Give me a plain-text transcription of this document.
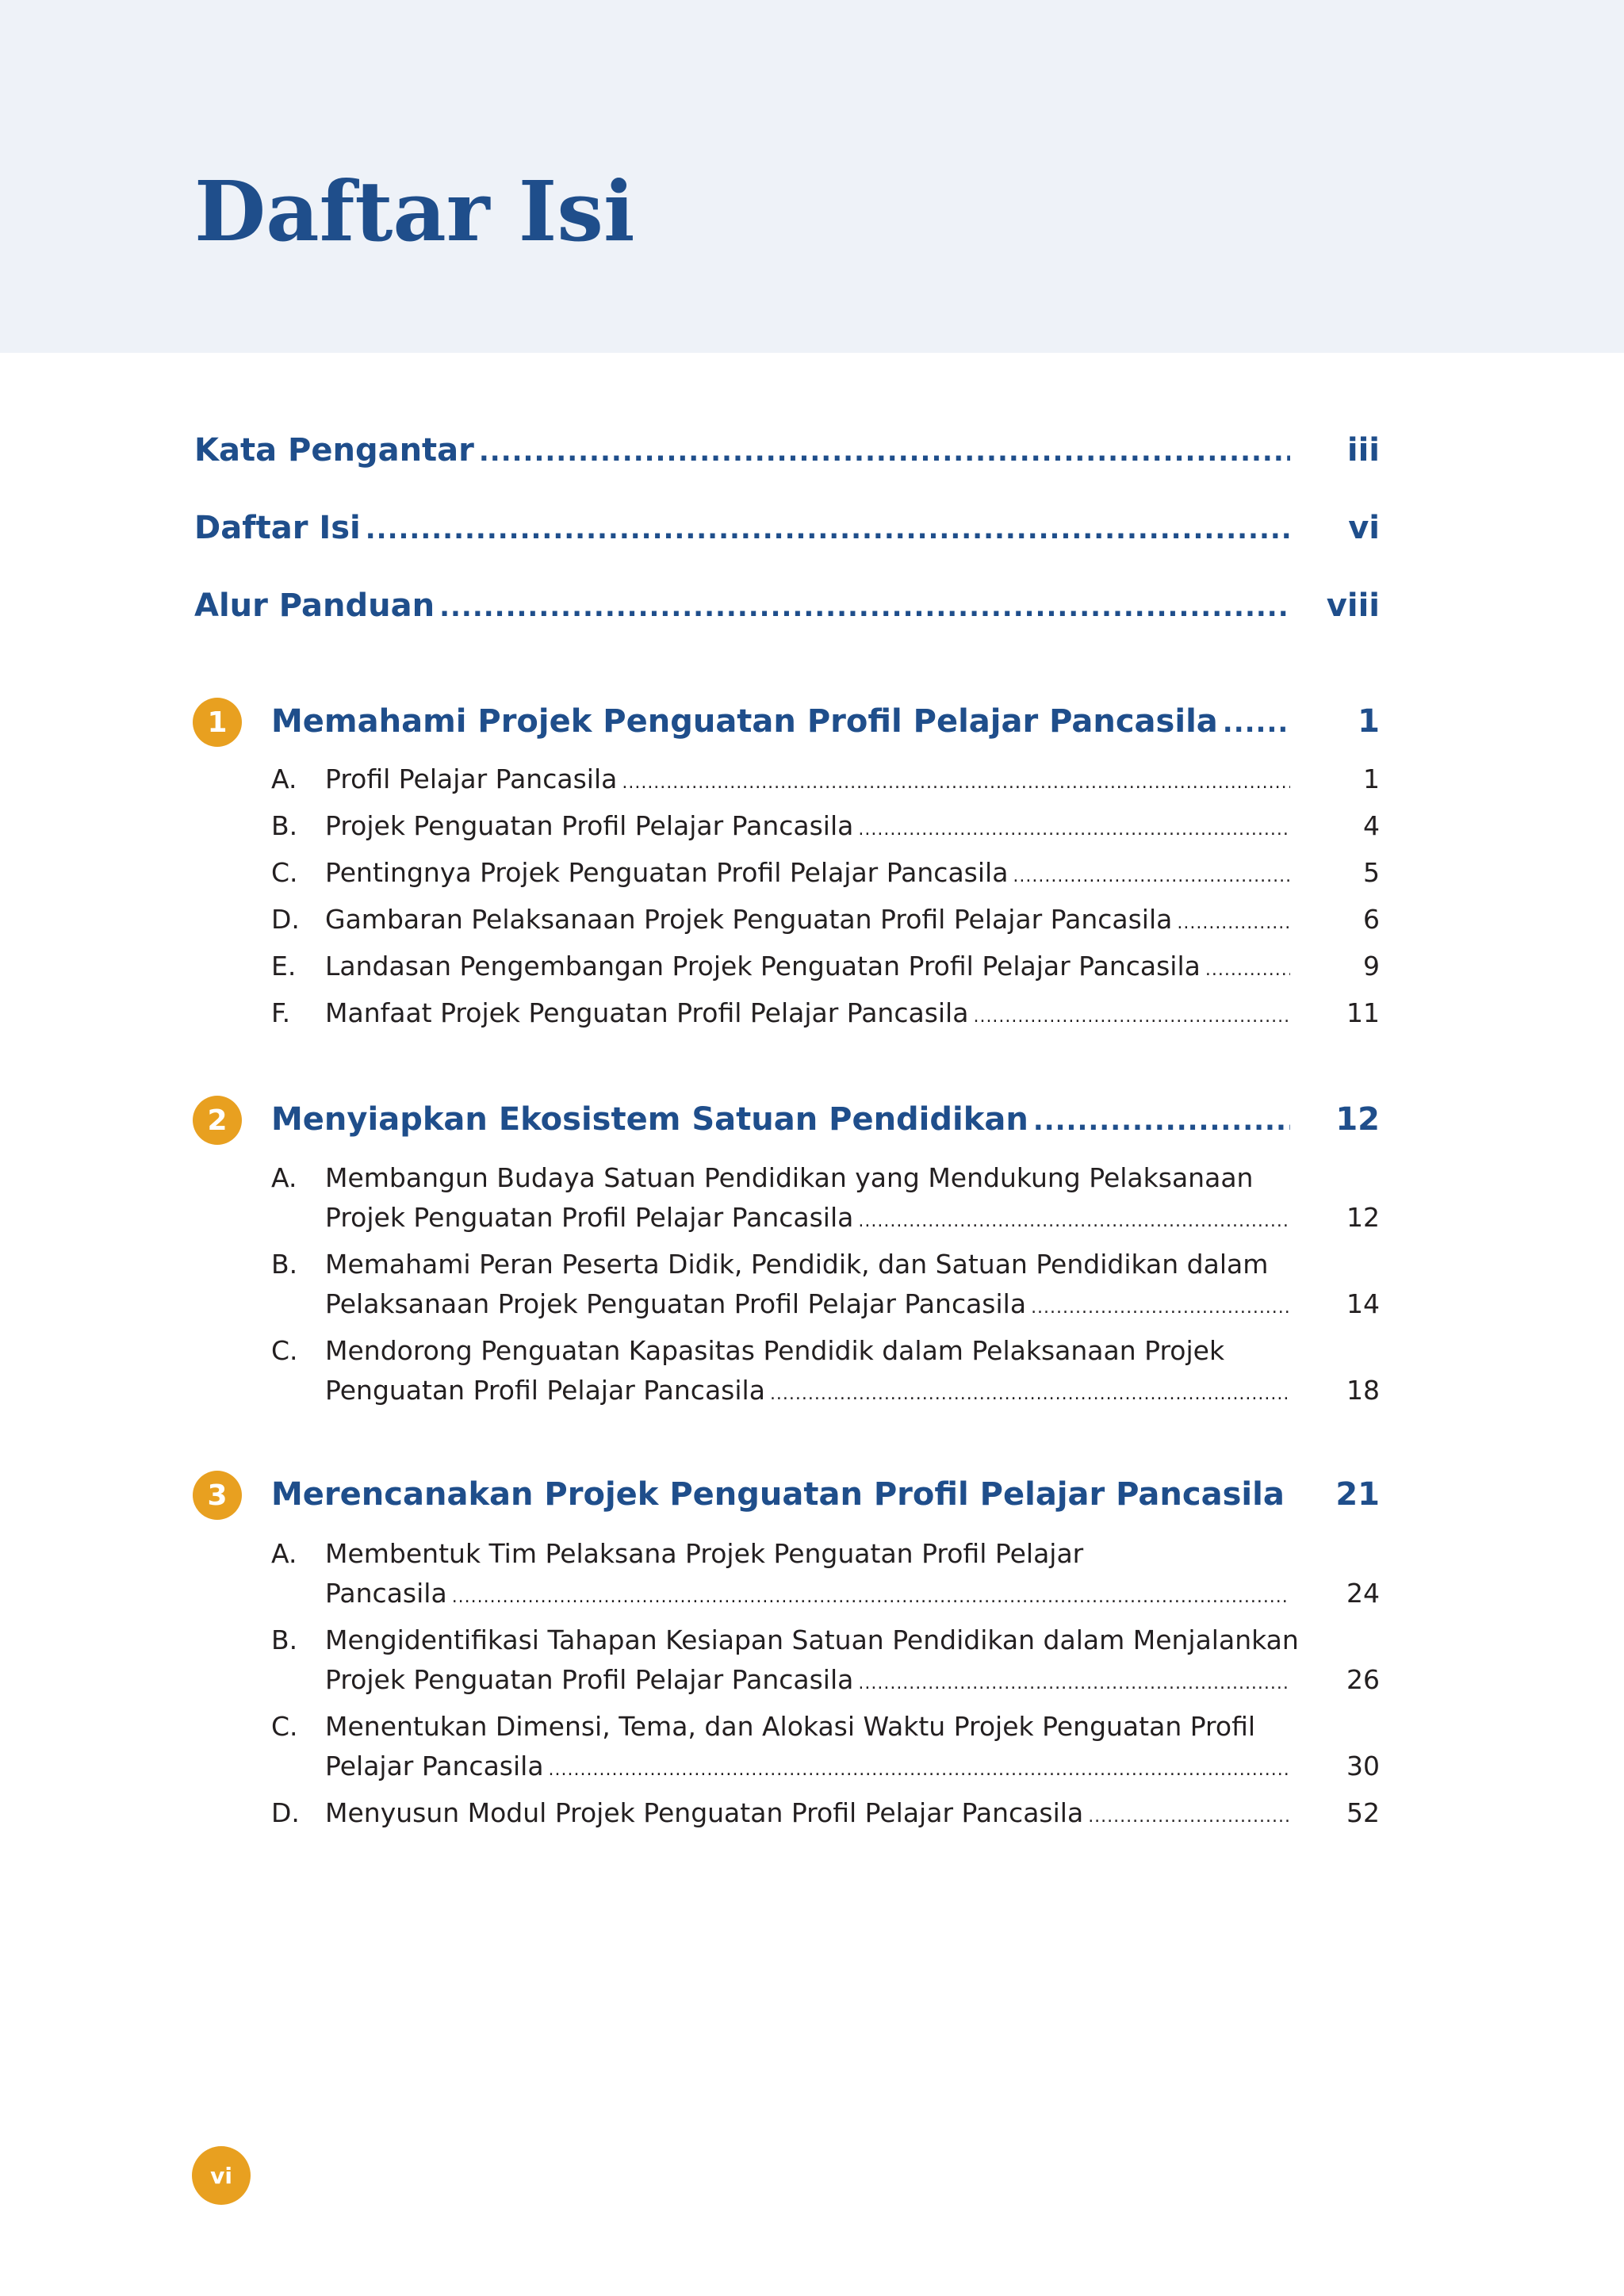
Daftar Isi
Kata Pengantar .....	iii
Daftar Isi .....	vi
Alur Panduan .....	viii
1	Memahami Projek Penguatan Profil Pelajar Pancasila .....	1
A. Profil Pelajar Pancasila .....	1
B. Projek Penguatan Profil Pelajar Pancasila .....	4
C. Pentingnya Projek Penguatan Profil Pelajar Pancasila .....	5
D. Gambaran Pelaksanaan Projek Penguatan Profil Pelajar Pancasila .....	6
E. Landasan Pengembangan Projek Penguatan Profil Pelajar Pancasila .....	9
F. Manfaat Projek Penguatan Profil Pelajar Pancasila .....	11
2	Menyiapkan Ekosistem Satuan Pendidikan .....	12
A. Membangun Budaya Satuan Pendidikan yang Mendukung Pelaksanaan
Projek Penguatan Profil Pelajar Pancasila .....	12
B. Memahami Peran Peserta Didik, Pendidik, dan Satuan Pendidikan dalam
Pelaksanaan Projek Penguatan Profil Pelajar Pancasila .....	14
C. Mendorong Penguatan Kapasitas Pendidik dalam Pelaksanaan Projek
Penguatan Profil Pelajar Pancasila .....	18
3	Merencanakan Projek Penguatan Profil Pelajar Pancasila ..... 21
A. Membentuk Tim Pelaksana Projek Penguatan Profil Pelajar
Pancasila .....	24
B. Mengidentifikasi Tahapan Kesiapan Satuan Pendidikan dalam Menjalankan
Projek Penguatan Profil Pelajar Pancasila .....	26
C. Menentukan Dimensi, Tema, dan Alokasi Waktu Projek Penguatan Profil
Pelajar Pancasila .....	30
D. Menyusun Modul Projek Penguatan Profil Pelajar Pancasila .....	52
vi
